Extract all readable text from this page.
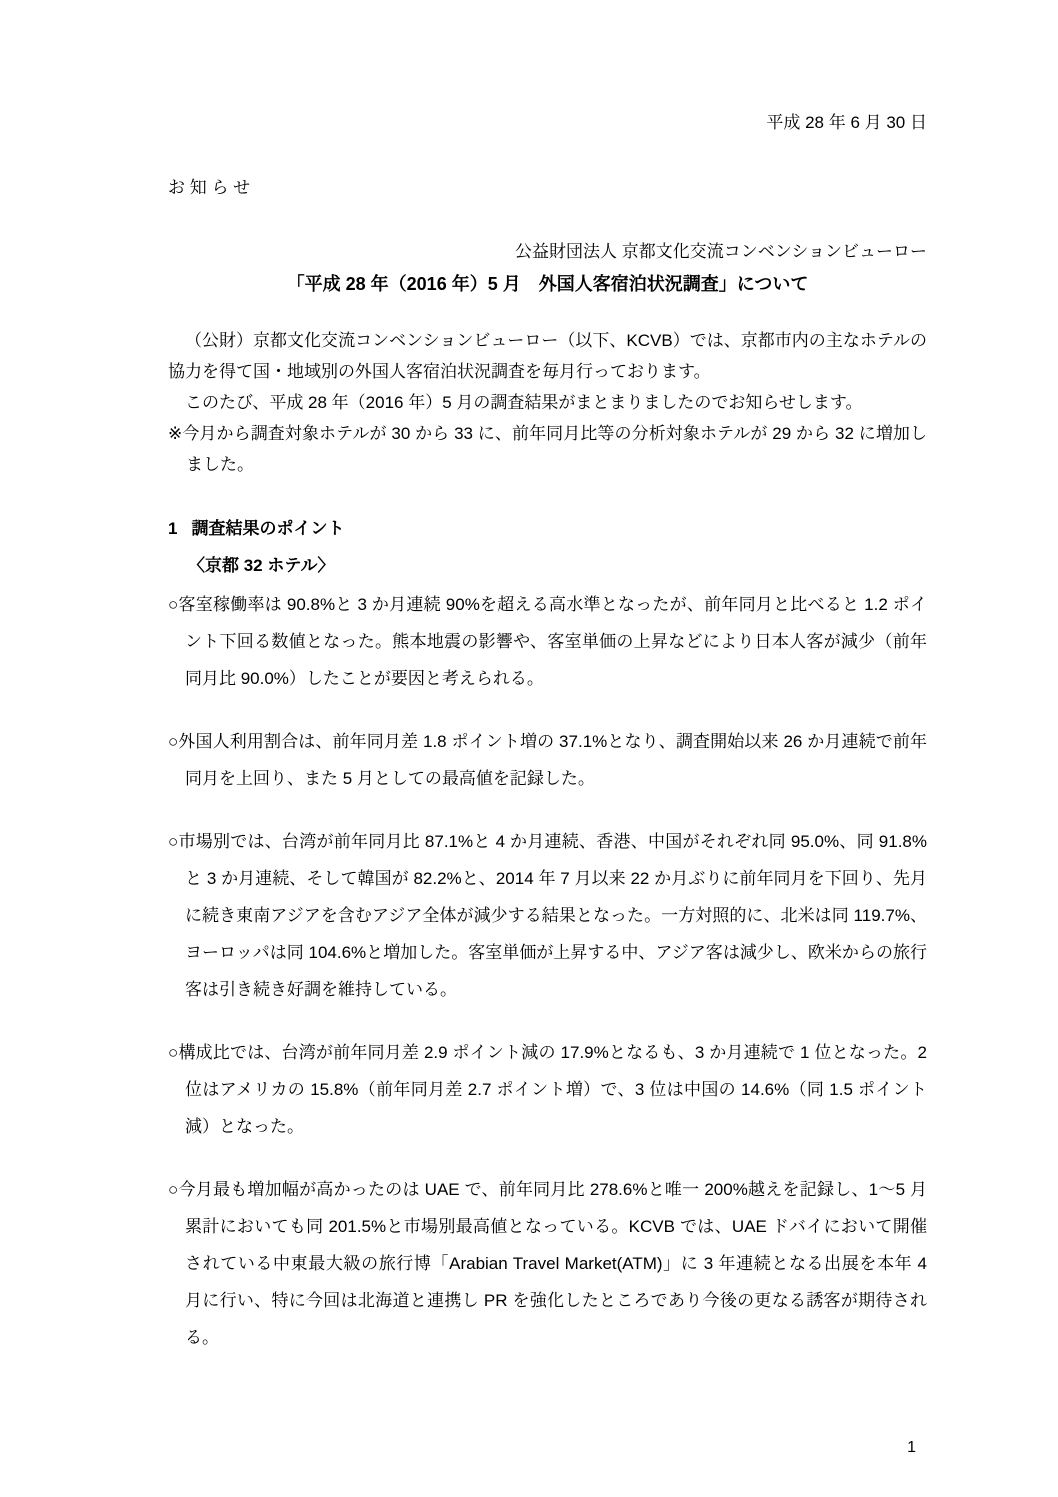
平成 28 年 6 月 30 日
お 知 ら せ
公益財団法人 京都文化交流コンベンションビューロー
「平成 28 年（2016 年）5 月　外国人客宿泊状況調査」について

（公財）京都文化交流コンベンションビューロー（以下、KCVB）では、京都市内の主なホテルの協力を得て国・地域別の外国人客宿泊状況調査を毎月行っております。

このたび、平成 28 年（2016 年）5 月の調査結果がまとまりましたのでお知らせします。

※今月から調査対象ホテルが 30 から 33 に、前年同月比等の分析対象ホテルが 29 から 32 に増加しました。

1 調査結果のポイント
〈京都 32 ホテル〉

○客室稼働率は 90.8%と 3 か月連続 90%を超える高水準となったが、前年同月と比べると 1.2 ポイント下回る数値となった。熊本地震の影響や、客室単価の上昇などにより日本人客が減少（前年同月比 90.0%）したことが要因と考えられる。

○外国人利用割合は、前年同月差 1.8 ポイント増の 37.1%となり、調査開始以来 26 か月連続で前年同月を上回り、また 5 月としての最高値を記録した。

○市場別では、台湾が前年同月比 87.1%と 4 か月連続、香港、中国がそれぞれ同 95.0%、同 91.8%と 3 か月連続、そして韓国が 82.2%と、2014 年 7 月以来 22 か月ぶりに前年同月を下回り、先月に続き東南アジアを含むアジア全体が減少する結果となった。一方対照的に、北米は同 119.7%、ヨーロッパは同 104.6%と増加した。客室単価が上昇する中、アジア客は減少し、欧米からの旅行客は引き続き好調を維持している。

○構成比では、台湾が前年同月差 2.9 ポイント減の 17.9%となるも、3 か月連続で 1 位となった。2 位はアメリカの 15.8%（前年同月差 2.7 ポイント増）で、3 位は中国の 14.6%（同 1.5 ポイント減）となった。

○今月最も増加幅が高かったのは UAE で、前年同月比 278.6%と唯一 200%越えを記録し、1～5 月累計においても同 201.5%と市場別最高値となっている。KCVB では、UAE ドバイにおいて開催されている中東最大級の旅行博「Arabian Travel Market(ATM)」に 3 年連続となる出展を本年 4 月に行い、特に今回は北海道と連携し PR を強化したところであり今後の更なる誘客が期待される。

1
